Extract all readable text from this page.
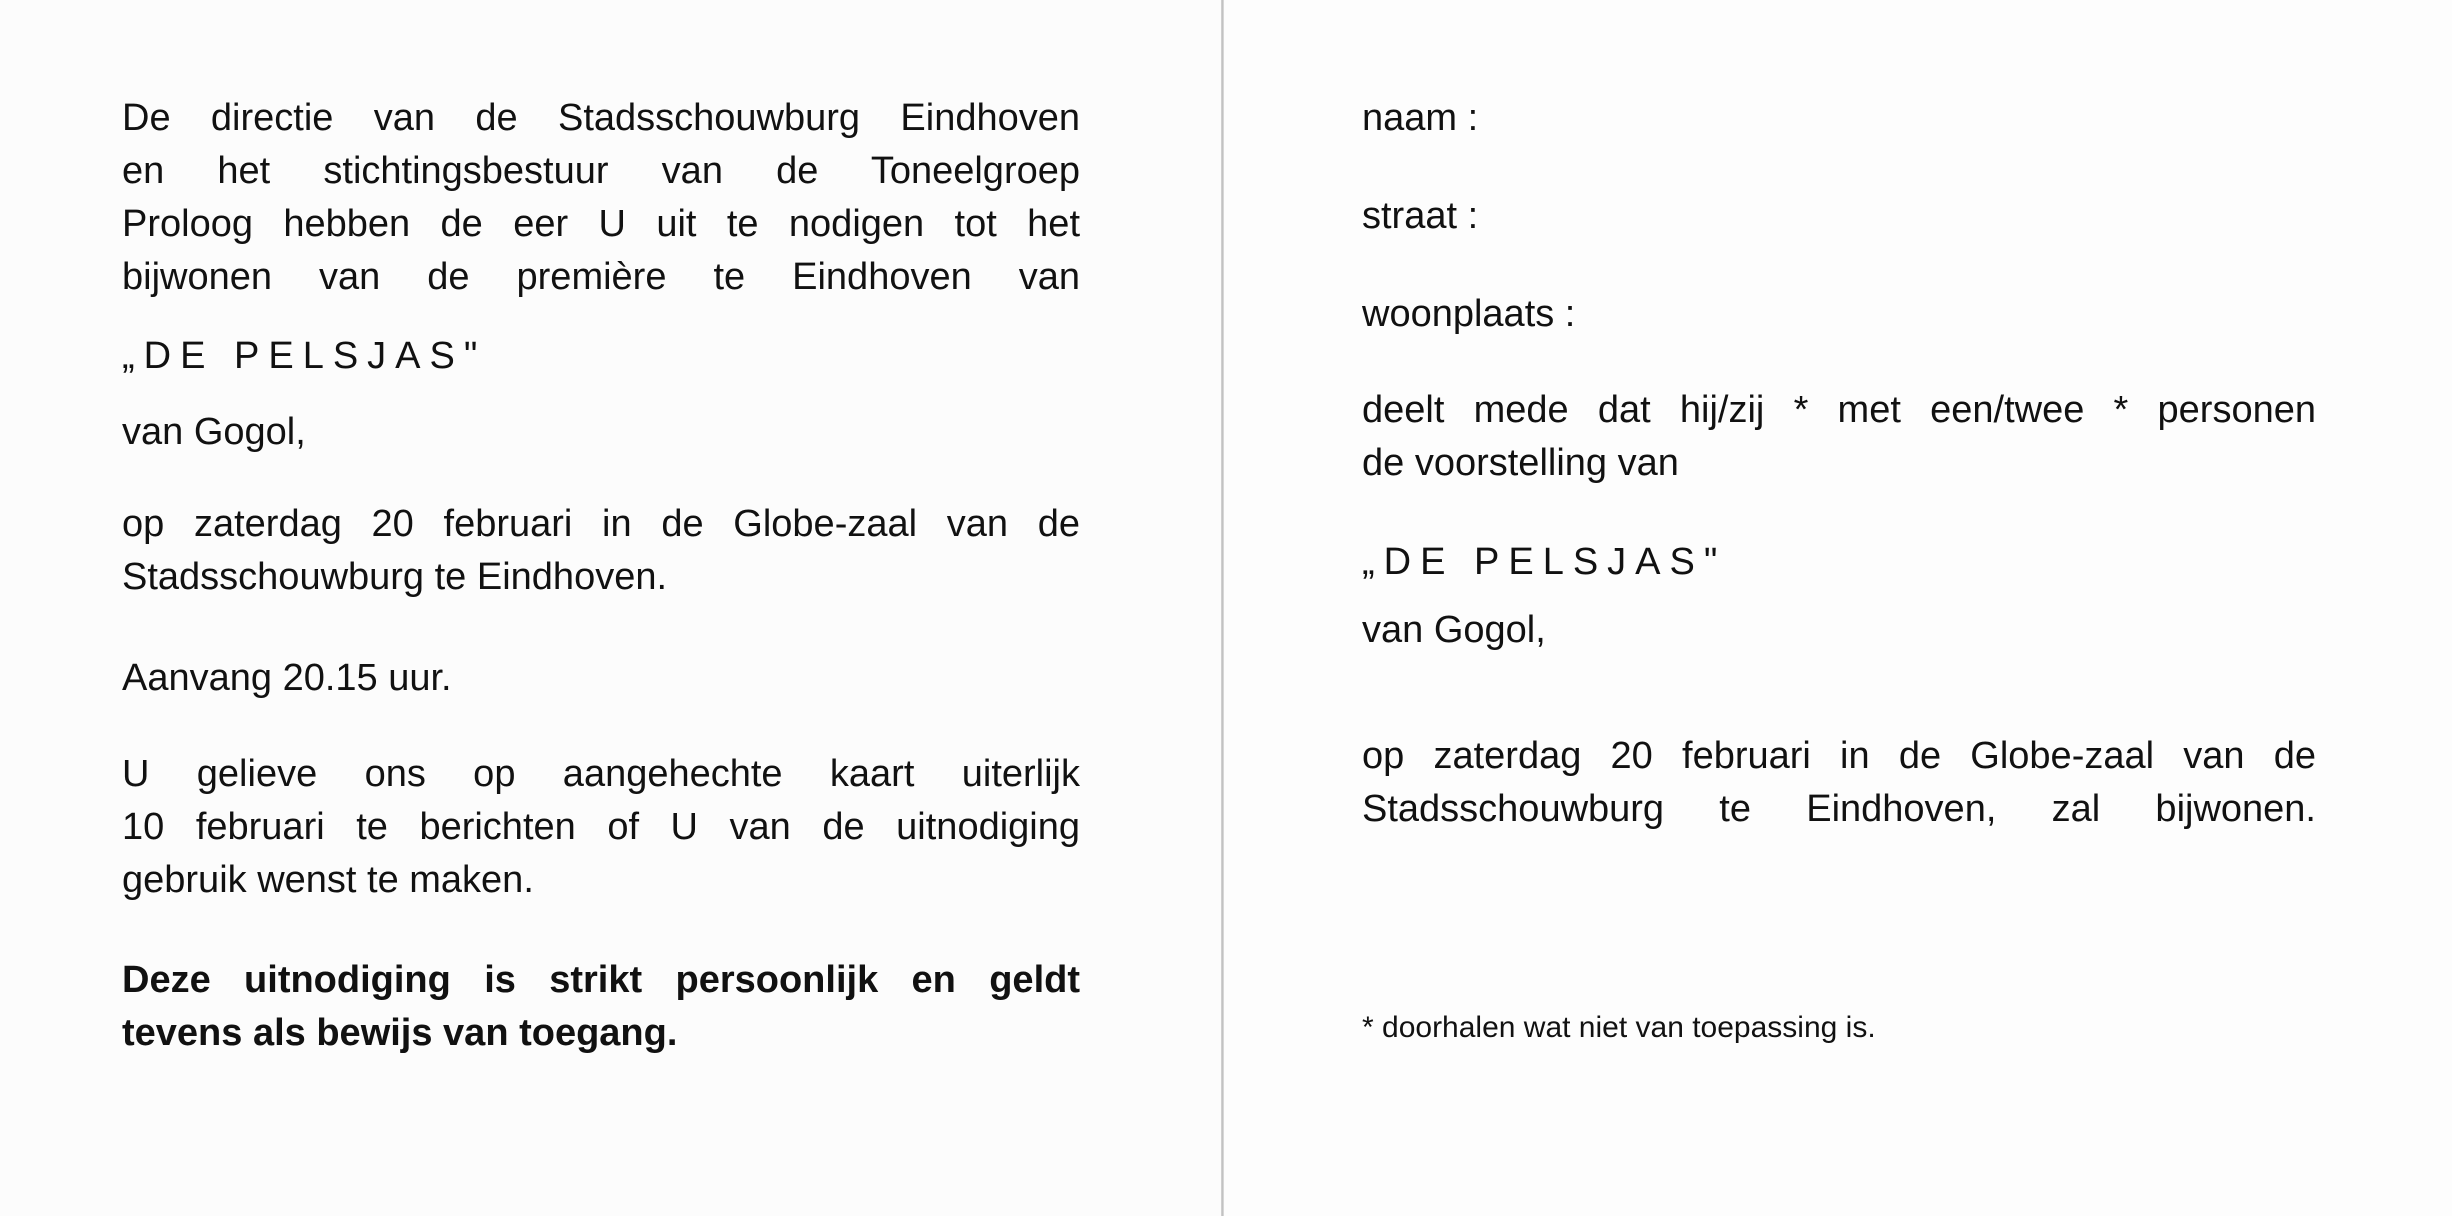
De directie van de Stadsschouwburg Eindhoven
en het stichtingsbestuur van de Toneelgroep
Proloog hebben de eer U uit te nodigen tot het
bijwonen van de première te Eindhoven van
„DE PELSJAS"
van Gogol,
op zaterdag 20 februari in de Globe-zaal van de
Stadsschouwburg te Eindhoven.
Aanvang 20.15 uur.
U gelieve ons op aangehechte kaart uiterlijk
10 februari te berichten of U van de uitnodiging
gebruik wenst te maken.
Deze uitnodiging is strikt persoonlijk en geldt
tevens als bewijs van toegang.
naam :
straat :
woonplaats :
deelt mede dat hij/zij * met een/twee * personen
de voorstelling van
„DE PELSJAS"
van Gogol,
op zaterdag 20 februari in de Globe-zaal van de
Stadsschouwburg te Eindhoven, zal bijwonen.
* doorhalen wat niet van toepassing is.
